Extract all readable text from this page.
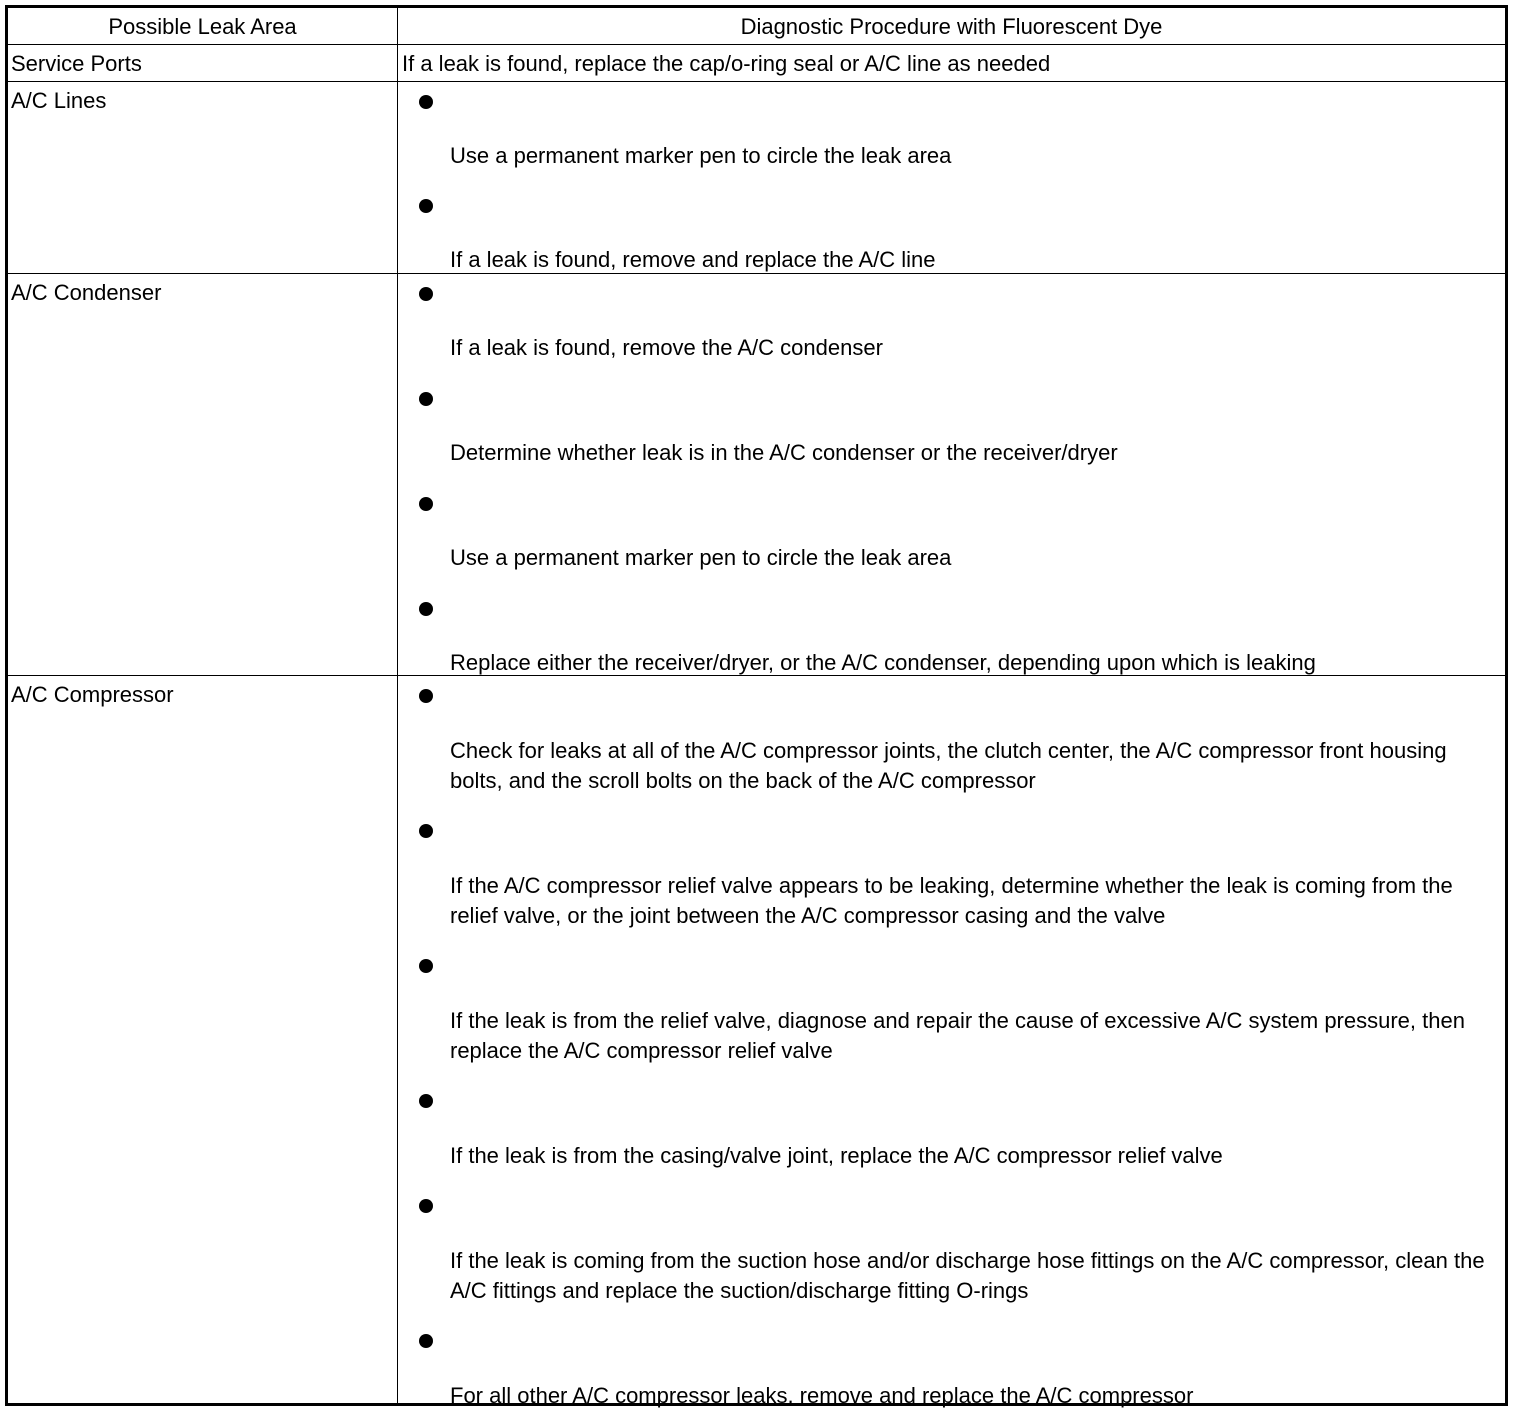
Possible Leak Area	Diagnostic Procedure with Fluorescent Dye
Service Ports	If a leak is found, replace the cap/o-ring seal or A/C line as needed
A/C Lines
Use a permanent marker pen to circle the leak area
If a leak is found, remove and replace the A/C line
A/C Condenser
If a leak is found, remove the A/C condenser
Determine whether leak is in the A/C condenser or the receiver/dryer
Use a permanent marker pen to circle the leak area
Replace either the receiver/dryer, or the A/C condenser, depending upon which is leaking
A/C Compressor
Check for leaks at all of the A/C compressor joints, the clutch center, the A/C compressor front housing bolts, and the scroll bolts on the back of the A/C compressor
If the A/C compressor relief valve appears to be leaking, determine whether the leak is coming from the relief valve, or the joint between the A/C compressor casing and the valve
If the leak is from the relief valve, diagnose and repair the cause of excessive A/C system pressure, then replace the A/C compressor relief valve
If the leak is from the casing/valve joint, replace the A/C compressor relief valve
If the leak is coming from the suction hose and/or discharge hose fittings on the A/C compressor, clean the A/C fittings and replace the suction/discharge fitting O-rings
For all other A/C compressor leaks, remove and replace the A/C compressor
